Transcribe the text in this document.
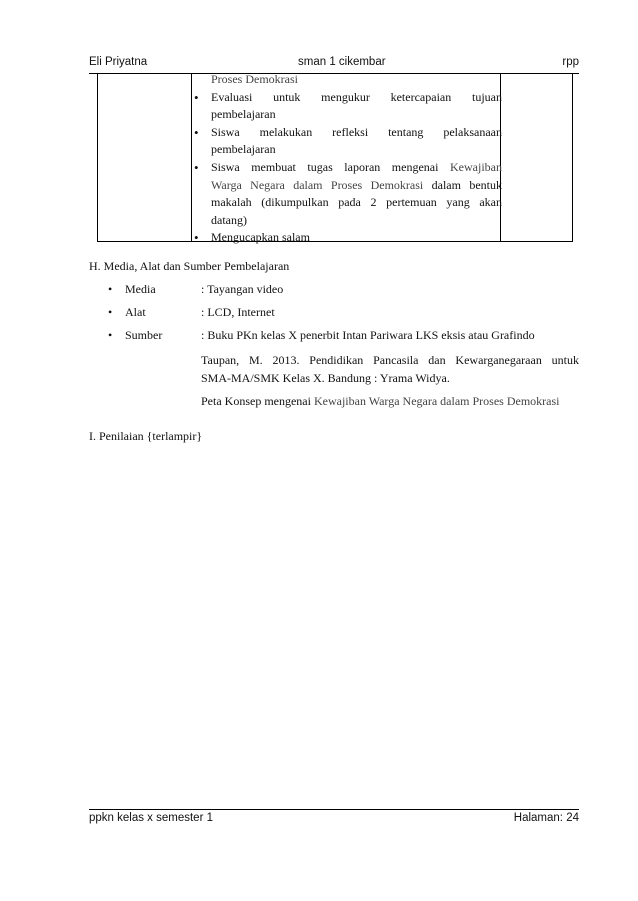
Eli Priyatna	sman 1 cikembar	rpp
Proses Demokrasi
• Evaluasi untuk mengukur ketercapaian tujuan
pembelajaran
• Siswa melakukan refleksi tentang pelaksanaan
pembelajaran
• Siswa membuat tugas laporan mengenai Kewajiban
Warga Negara dalam Proses Demokrasi dalam bentuk
makalah (dikumpulkan pada 2 pertemuan yang akan
datang)
• Mengucapkan salam
H. Media, Alat dan Sumber Pembelajaran
• Media	: Tayangan video
• Alat	: LCD, Internet
• Sumber	: Buku PKn kelas X penerbit Intan Pariwara LKS eksis atau Grafindo
Taupan, M. 2013. Pendidikan Pancasila dan Kewarganegaraan untuk
SMA-MA/SMK Kelas X. Bandung : Yrama Widya.
Peta Konsep mengenai Kewajiban Warga Negara dalam Proses Demokrasi
I. Penilaian {terlampir}
ppkn kelas x semester 1	Halaman: 24
